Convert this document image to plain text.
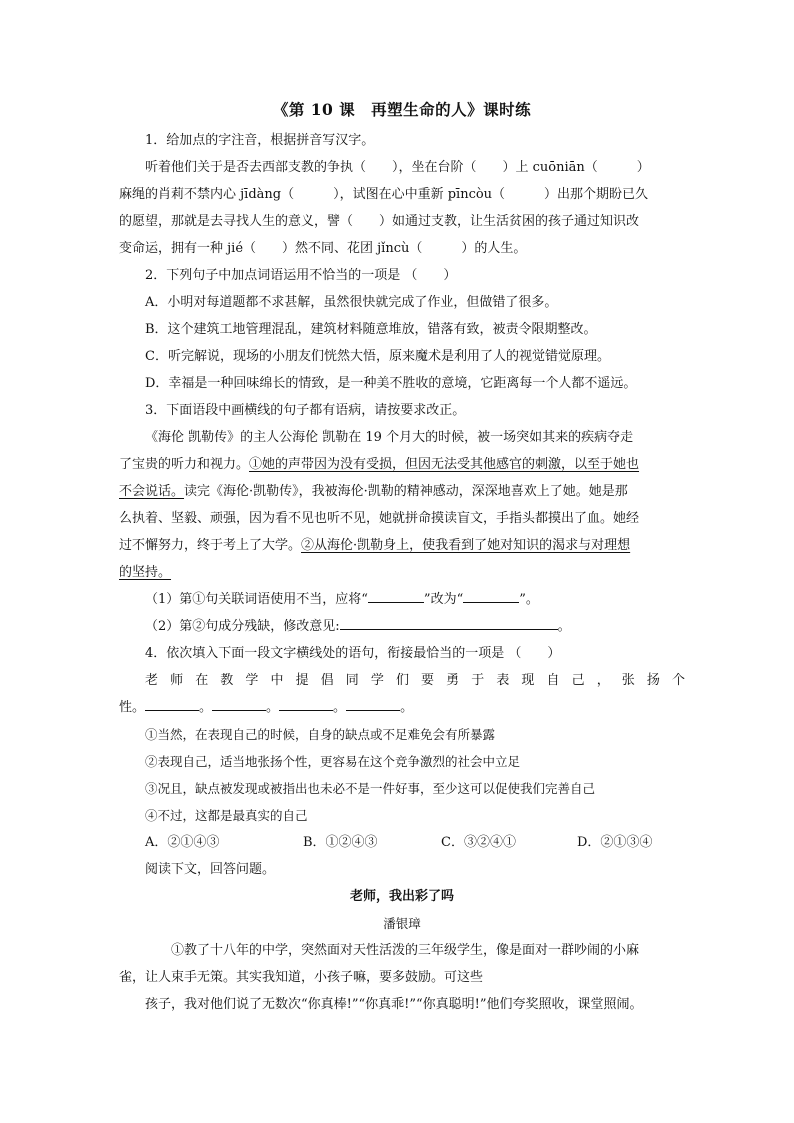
《第 10 课　再塑生命的人》课时练

1．给加点的字注音，根据拼音写汉字。

听着他们关于是否去西部支教的争执（　　），坐在台阶（　　）上 cuōniān（　　　）

麻绳的肖莉不禁内心 jīdàng（　　　），试图在心中重新 pīncòu（　　　）出那个期盼已久

的愿望，那就是去寻找人生的意义，譬（　　）如通过支教，让生活贫困的孩子通过知识改

变命运，拥有一种 jié（　　）然不同、花团 jǐncù（　　　）的人生。

2．下列句子中加点词语运用不恰当的一项是 （　　）

A．小明对每道题都不求甚解，虽然很快就完成了作业，但做错了很多。

B．这个建筑工地管理混乱，建筑材料随意堆放，错落有致，被责令限期整改。

C．听完解说，现场的小朋友们恍然大悟，原来魔术是利用了人的视觉错觉原理。

D．幸福是一种回味绵长的情致，是一种美不胜收的意境，它距离每一个人都不遥远。

3．下面语段中画横线的句子都有语病，请按要求改正。

《海伦 凯勒传》的主人公海伦 凯勒在 19 个月大的时候，被一场突如其来的疾病夺走

了宝贵的听力和视力。①她的声带因为没有受损，但因无法受其他感官的刺激，以至于她也

不会说话。读完《海伦·凯勒传》，我被海伦·凯勒的精神感动，深深地喜欢上了她。她是那

么执着、坚毅、顽强，因为看不见也听不见，她就拼命摸读盲文，手指头都摸出了血。她经

过不懈努力，终于考上了大学。②从海伦·凯勒身上，使我看到了她对知识的渴求与对理想

的坚持。

（1）第①句关联词语使用不当，应将“	”改为“	”。

（2）第②句成分残缺，修改意见:	。

4．依次填入下面一段文字横线处的语句，衔接最恰当的一项是 （　　）

老师在教学中提倡同学们要勇于表现自己，张扬个

性。	。	。	。	。

①当然，在表现自己的时候，自身的缺点或不足难免会有所暴露

②表现自己，适当地张扬个性，更容易在这个竞争激烈的社会中立足

③况且，缺点被发现或被指出也未必不是一件好事，至少这可以促使我们完善自己

④不过，这都是最真实的自己

A．②①④③	B．①②④③	C．③②④①	D．②①③④

阅读下文，回答问题。

老师，我出彩了吗

潘银璋

①教了十八年的中学，突然面对天性活泼的三年级学生，像是面对一群吵闹的小麻

雀，让人束手无策。其实我知道，小孩子嘛，要多鼓励。可这些

孩子，我对他们说了无数次“你真棒!”“你真乖!”“你真聪明!”他们夸奖照收，课堂照闹。
